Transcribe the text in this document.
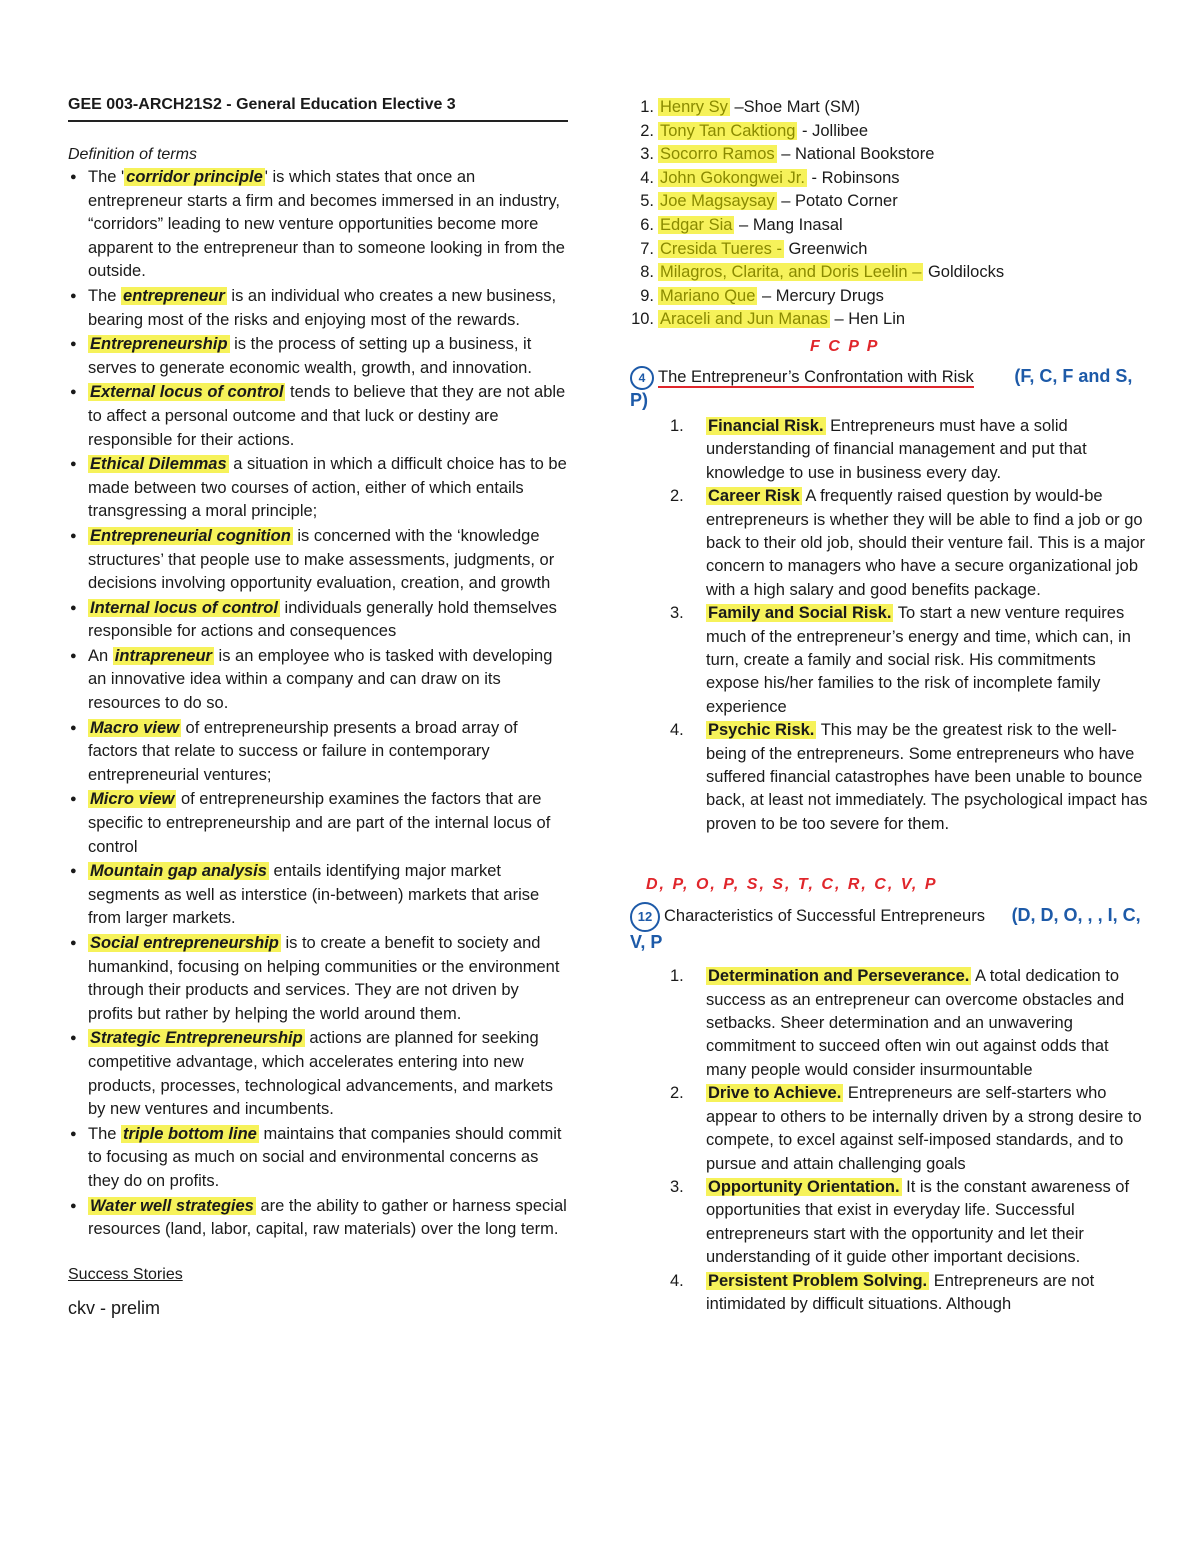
GEE 003-ARCH21S2 - General Education Elective 3
Definition of terms
● The ' corridor principle ' is which states that once an entrepreneur starts a firm and becomes immersed in an industry, “corridors” leading to new venture opportunities become more apparent to the entrepreneur than to someone looking in from the outside.
● The entrepreneur is an individual who creates a new business, bearing most of the risks and enjoying most of the rewards.
● Entrepreneurship is the process of setting up a business, it serves to generate economic wealth, growth, and innovation.
● External locus of control tends to believe that they are not able to affect a personal outcome and that luck or destiny are responsible for their actions.
● Ethical Dilemmas a situation in which a difficult choice has to be made between two courses of action, either of which entails transgressing a moral principle;
● Entrepreneurial cognition is concerned with the ‘knowledge structures’ that people use to make assessments, judgments, or decisions involving opportunity evaluation, creation, and growth
● Internal locus of control individuals generally hold themselves responsible for actions and consequences
● An intrapreneur is an employee who is tasked with developing an innovative idea within a company and can draw on its resources to do so.
● Macro view of entrepreneurship presents a broad array of factors that relate to success or failure in contemporary entrepreneurial ventures;
● Micro view of entrepreneurship examines the factors that are specific to entrepreneurship and are part of the internal locus of control
● Mountain gap analysis entails identifying major market segments as well as interstice (in-between) markets that arise from larger markets.
● Social entrepreneurship is to create a benefit to society and humankind, focusing on helping communities or the environment through their products and services. They are not driven by profits but rather by helping the world around them.
● Strategic Entrepreneurship actions are planned for seeking competitive advantage, which accelerates entering into new products, processes, technological advancements, and markets by new ventures and incumbents.
● The triple bottom line maintains that companies should commit to focusing as much on social and environmental concerns as they do on profits.
● Water well strategies are the ability to gather or harness special resources (land, labor, capital, raw materials) over the long term.
Success Stories
ckv - prelim
1. Henry Sy –Shoe Mart (SM)
2. Tony Tan Caktiong - Jollibee
3. Socorro Ramos – National Bookstore
4. John Gokongwei Jr. - Robinsons
5. Joe Magsaysay – Potato Corner
6. Edgar Sia – Mang Inasal
7. Cresida Tueres - Greenwich
8. Milagros, Clarita, and Doris Leelin – Goldilocks
9. Mariano Que – Mercury Drugs
10. Araceli and Jun Manas – Hen Lin
F C P P
4 The Entrepreneur’s Confrontation with Risk (F, C, F and S, P)
1. Financial Risk. Entrepreneurs must have a solid understanding of financial management and put that knowledge to use in business every day.
2. Career Risk A frequently raised question by would-be entrepreneurs is whether they will be able to find a job or go back to their old job, should their venture fail. This is a major concern to managers who have a secure organizational job with a high salary and good benefits package.
3. Family and Social Risk. To start a new venture requires much of the entrepreneur’s energy and time, which can, in turn, create a family and social risk. His commitments expose his/her families to the risk of incomplete family experience
4. Psychic Risk. This may be the greatest risk to the well-being of the entrepreneurs. Some entrepreneurs who have suffered financial catastrophes have been unable to bounce back, at least not immediately. The psychological impact has proven to be too severe for them.
D, P, O, P, S, S, T, C, R, C, V, P
12 Characteristics of Successful Entrepreneurs (D, D, O, , , I, C, V, P
1. Determination and Perseverance. A total dedication to success as an entrepreneur can overcome obstacles and setbacks. Sheer determination and an unwavering commitment to succeed often win out against odds that many people would consider insurmountable
2. Drive to Achieve. Entrepreneurs are self-starters who appear to others to be internally driven by a strong desire to compete, to excel against self-imposed standards, and to pursue and attain challenging goals
3. Opportunity Orientation. It is the constant awareness of opportunities that exist in everyday life. Successful entrepreneurs start with the opportunity and let their understanding of it guide other important decisions.
4. Persistent Problem Solving. Entrepreneurs are not intimidated by difficult situations. Although
